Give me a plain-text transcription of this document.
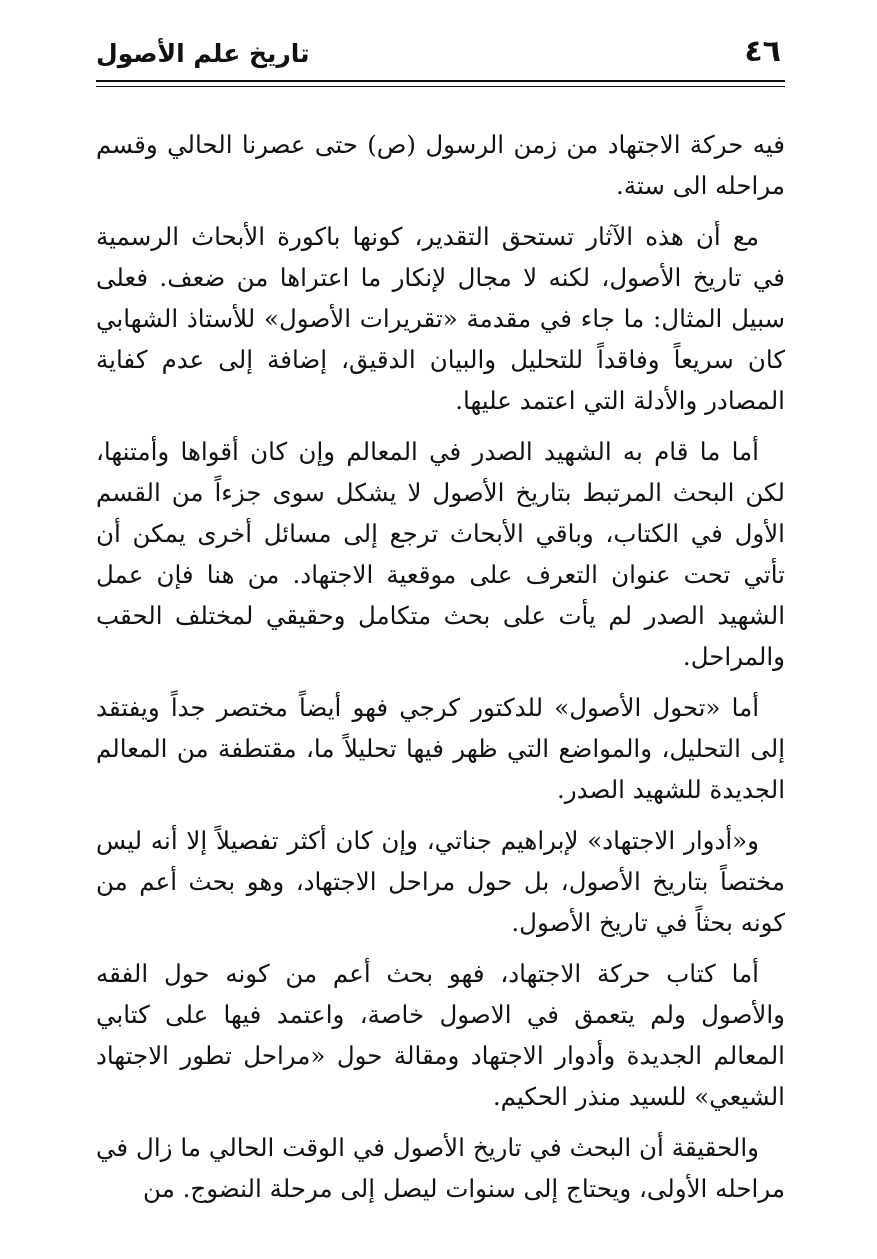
٤٦
تاريخ علم الأصول

فيه حركة الاجتهاد من زمن الرسول (ص) حتى عصرنا الحالي وقسم مراحله الى ستة.

مع أن هذه الآثار تستحق التقدير، كونها باكورة الأبحاث الرسمية في تاريخ الأصول، لكنه لا مجال لإنكار ما اعتراها من ضعف. فعلى سبيل المثال: ما جاء في مقدمة «تقريرات الأصول» للأستاذ الشهابي كان سريعاً وفاقداً للتحليل والبيان الدقيق، إضافة إلى عدم كفاية المصادر والأدلة التي اعتمد عليها.

أما ما قام به الشهيد الصدر في المعالم وإن كان أقواها وأمتنها، لكن البحث المرتبط بتاريخ الأصول لا يشكل سوى جزءاً من القسم الأول في الكتاب، وباقي الأبحاث ترجع إلى مسائل أخرى يمكن أن تأتي تحت عنوان التعرف على موقعية الاجتهاد. من هنا فإن عمل الشهيد الصدر لم يأت على بحث متكامل وحقيقي لمختلف الحقب والمراحل.

أما «تحول الأصول» للدكتور كرجي فهو أيضاً مختصر جداً ويفتقد إلى التحليل، والمواضع التي ظهر فيها تحليلاً ما، مقتطفة من المعالم الجديدة للشهيد الصدر.

و«أدوار الاجتهاد» لإبراهيم جناتي، وإن كان أكثر تفصيلاً إلا أنه ليس مختصاً بتاريخ الأصول، بل حول مراحل الاجتهاد، وهو بحث أعم من كونه بحثاً في تاريخ الأصول.

أما كتاب حركة الاجتهاد، فهو بحث أعم من كونه حول الفقه والأصول ولم يتعمق في الاصول خاصة، واعتمد فيها على كتابي المعالم الجديدة وأدوار الاجتهاد ومقالة حول «مراحل تطور الاجتهاد الشيعي» للسيد منذر الحكيم.

والحقيقة أن البحث في تاريخ الأصول في الوقت الحالي ما زال في مراحله الأولى، ويحتاج إلى سنوات ليصل إلى مرحلة النضوج. من
